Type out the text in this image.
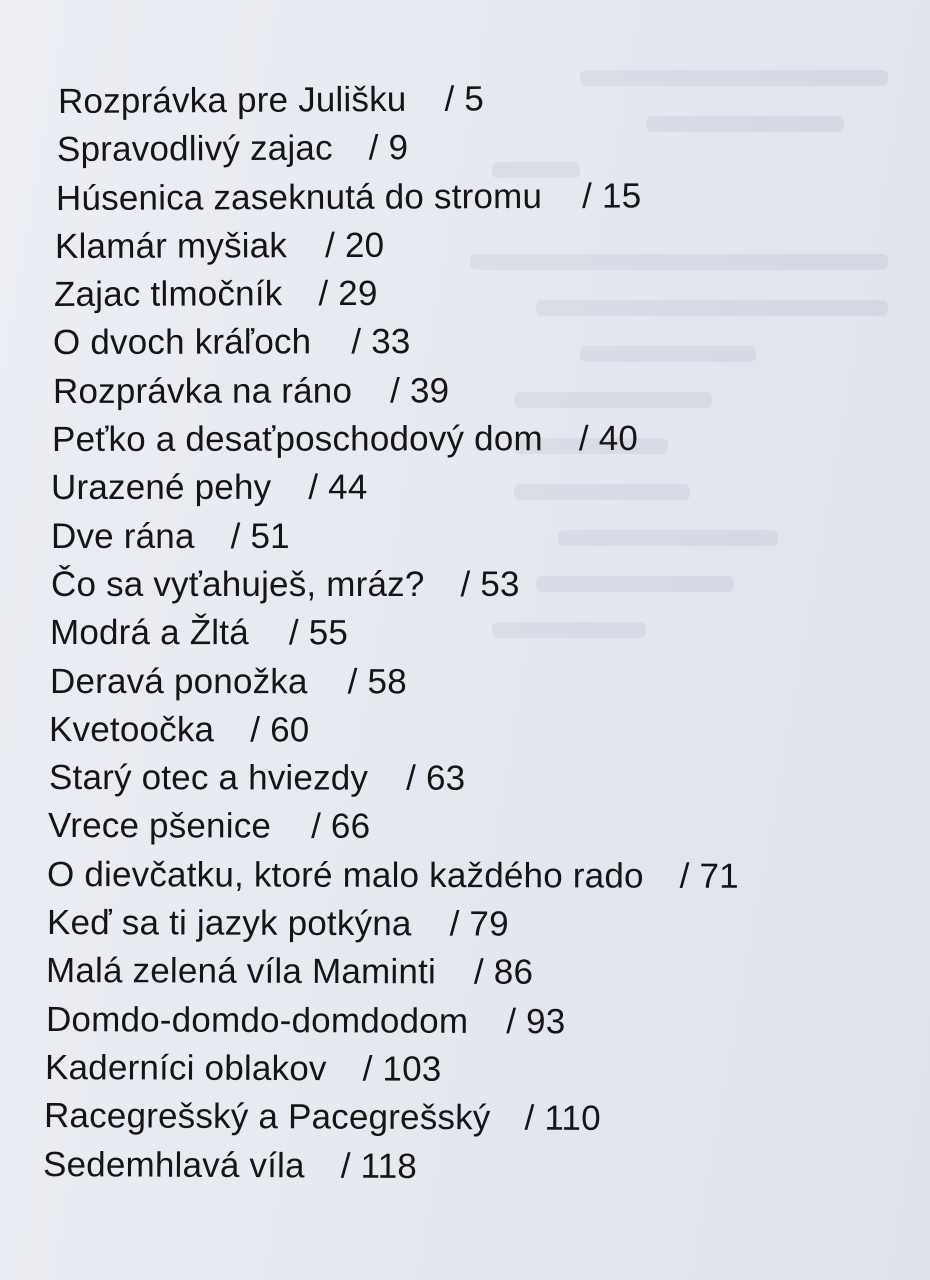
Rozprávka pre Julišku / 5
Spravodlivý zajac / 9
Húsenica zaseknutá do stromu / 15
Klamár myšiak / 20
Zajac tlmočník / 29
O dvoch kráľoch / 33
Rozprávka na ráno / 39
Peťko a desaťposchodový dom / 40
Urazené pehy / 44
Dve rána / 51
Čo sa vyťahuješ, mráz? / 53
Modrá a Žltá / 55
Deravá ponožka / 58
Kvetoočka / 60
Starý otec a hviezdy / 63
Vrece pšenice / 66
O dievčatku, ktoré malo každého rado / 71
Keď sa ti jazyk potkýna / 79
Malá zelená víla Maminti / 86
Domdo-domdo-domdodom / 93
Kaderníci oblakov / 103
Racegrešský a Pacegrešský / 110
Sedemhlavá víla / 118
